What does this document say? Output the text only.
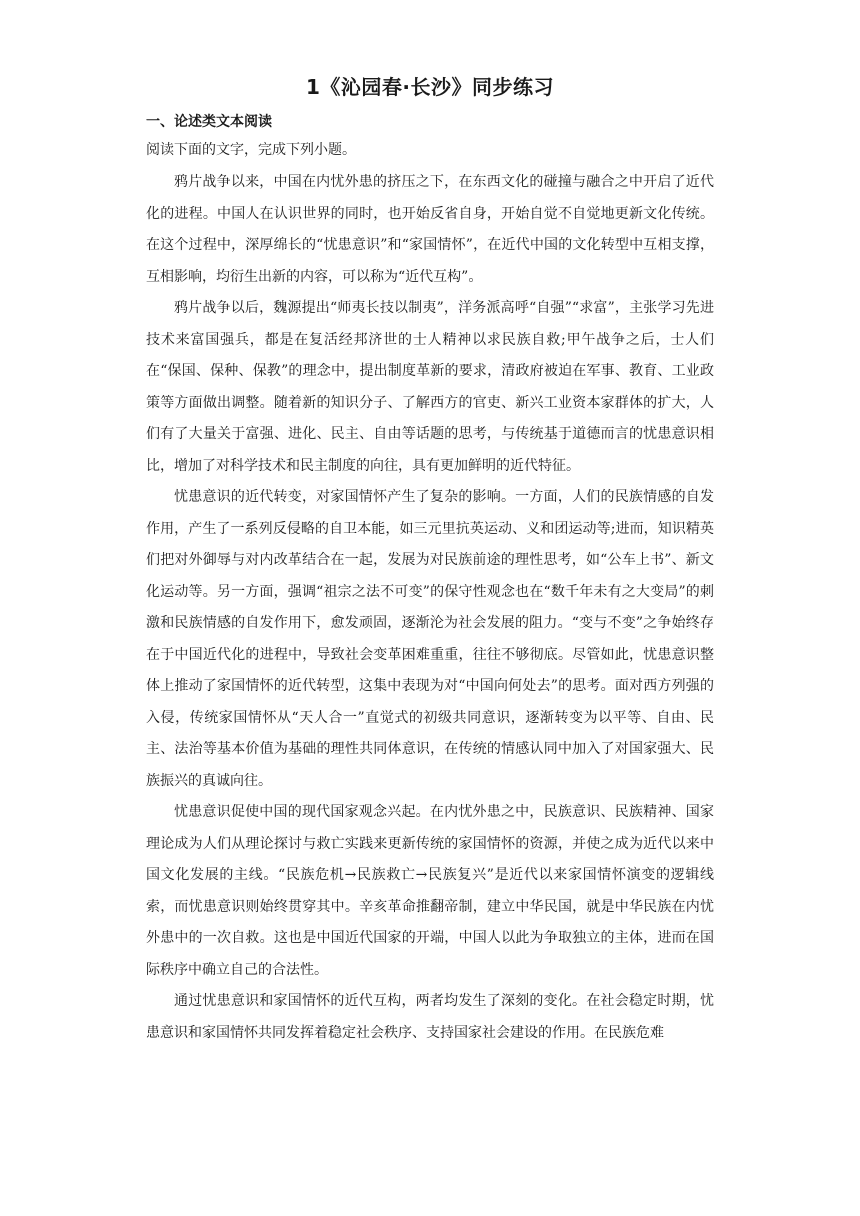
1《沁园春·长沙》同步练习
一、论述类文本阅读
阅读下面的文字，完成下列小题。

鸦片战争以来，中国在内忧外患的挤压之下，在东西文化的碰撞与融合之中开启了近代化的进程。中国人在认识世界的同时，也开始反省自身，开始自觉不自觉地更新文化传统。在这个过程中，深厚绵长的“忧患意识”和“家国情怀”，在近代中国的文化转型中互相支撑，互相影响，均衍生出新的内容，可以称为“近代互构”。

鸦片战争以后，魏源提出“师夷长技以制夷”，洋务派高呼“自强”“求富”，主张学习先进技术来富国强兵，都是在复活经邦济世的士人精神以求民族自救;甲午战争之后，士人们在“保国、保种、保教”的理念中，提出制度革新的要求，清政府被迫在军事、教育、工业政策等方面做出调整。随着新的知识分子、了解西方的官吏、新兴工业资本家群体的扩大，人们有了大量关于富强、进化、民主、自由等话题的思考，与传统基于道德而言的忧患意识相比，增加了对科学技术和民主制度的向往，具有更加鲜明的近代特征。

忧患意识的近代转变，对家国情怀产生了复杂的影响。一方面，人们的民族情感的自发作用，产生了一系列反侵略的自卫本能，如三元里抗英运动、义和团运动等;进而，知识精英们把对外御辱与对内改革结合在一起，发展为对民族前途的理性思考，如“公车上书”、新文化运动等。另一方面，强调“祖宗之法不可变”的保守性观念也在“数千年未有之大变局”的刺激和民族情感的自发作用下，愈发顽固，逐渐沦为社会发展的阻力。“变与不变”之争始终存在于中国近代化的进程中，导致社会变革困难重重，往往不够彻底。尽管如此，忧患意识整体上推动了家国情怀的近代转型，这集中表现为对“中国向何处去”的思考。面对西方列强的入侵，传统家国情怀从“天人合一”直觉式的初级共同意识，逐渐转变为以平等、自由、民主、法治等基本价值为基础的理性共同体意识，在传统的情感认同中加入了对国家强大、民族振兴的真诚向往。

忧患意识促使中国的现代国家观念兴起。在内忧外患之中，民族意识、民族精神、国家理论成为人们从理论探讨与救亡实践来更新传统的家国情怀的资源，并使之成为近代以来中国文化发展的主线。“民族危机→民族救亡→民族复兴”是近代以来家国情怀演变的逻辑线索，而忧患意识则始终贯穿其中。辛亥革命推翻帝制，建立中华民国，就是中华民族在内忧外患中的一次自救。这也是中国近代国家的开端，中国人以此为争取独立的主体，进而在国际秩序中确立自己的合法性。

通过忧患意识和家国情怀的近代互构，两者均发生了深刻的变化。在社会稳定时期，忧患意识和家国情怀共同发挥着稳定社会秩序、支持国家社会建设的作用。在民族危难
